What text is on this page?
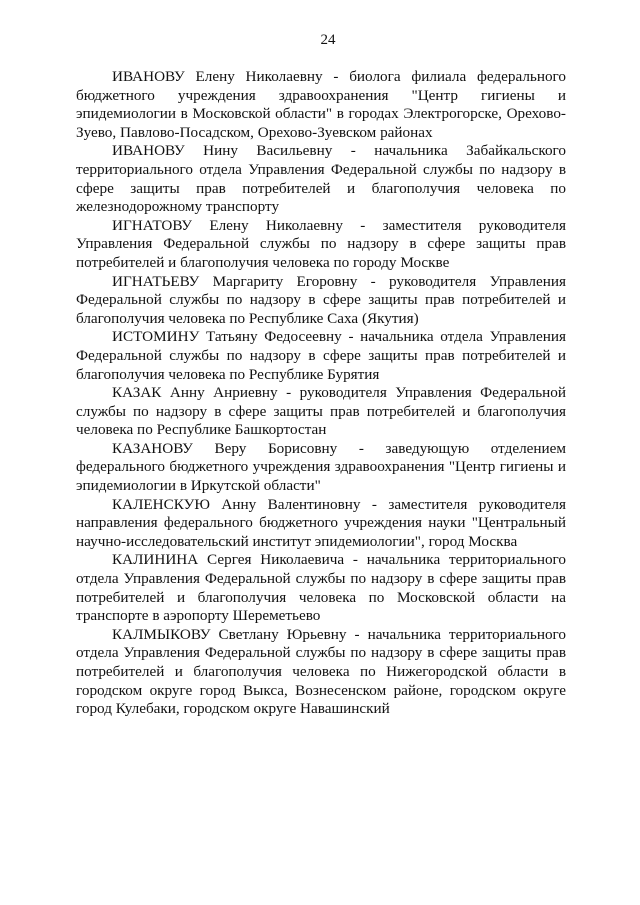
24

ИВАНОВУ Елену Николаевну - биолога филиала федерального бюджетного учреждения здравоохранения "Центр гигиены и эпидемиологии в Московской области" в городах Электрогорске, Орехово-Зуево, Павлово-Посадском, Орехово-Зуевском районах

ИВАНОВУ Нину Васильевну - начальника Забайкальского территориального отдела Управления Федеральной службы по надзору в сфере защиты прав потребителей и благополучия человека по железнодорожному транспорту

ИГНАТОВУ Елену Николаевну - заместителя руководителя Управления Федеральной службы по надзору в сфере защиты прав потребителей и благополучия человека по городу Москве

ИГНАТЬЕВУ Маргариту Егоровну - руководителя Управления Федеральной службы по надзору в сфере защиты прав потребителей и благополучия человека по Республике Саха (Якутия)

ИСТОМИНУ Татьяну Федосеевну - начальника отдела Управления Федеральной службы по надзору в сфере защиты прав потребителей и благополучия человека по Республике Бурятия

КАЗАК Анну Анриевну - руководителя Управления Федеральной службы по надзору в сфере защиты прав потребителей и благополучия человека по Республике Башкортостан

КАЗАНОВУ Веру Борисовну - заведующую отделением федерального бюджетного учреждения здравоохранения "Центр гигиены и эпидемиологии в Иркутской области"

КАЛЕНСКУЮ Анну Валентиновну - заместителя руководителя направления федерального бюджетного учреждения науки "Центральный научно-исследовательский институт эпидемиологии", город Москва

КАЛИНИНА Сергея Николаевича - начальника территориального отдела Управления Федеральной службы по надзору в сфере защиты прав потребителей и благополучия человека по Московской области на транспорте в аэропорту Шереметьево

КАЛМЫКОВУ Светлану Юрьевну - начальника территориального отдела Управления Федеральной службы по надзору в сфере защиты прав потребителей и благополучия человека по Нижегородской области в городском округе город Выкса, Вознесенском районе, городском округе город Кулебаки, городском округе Навашинский
